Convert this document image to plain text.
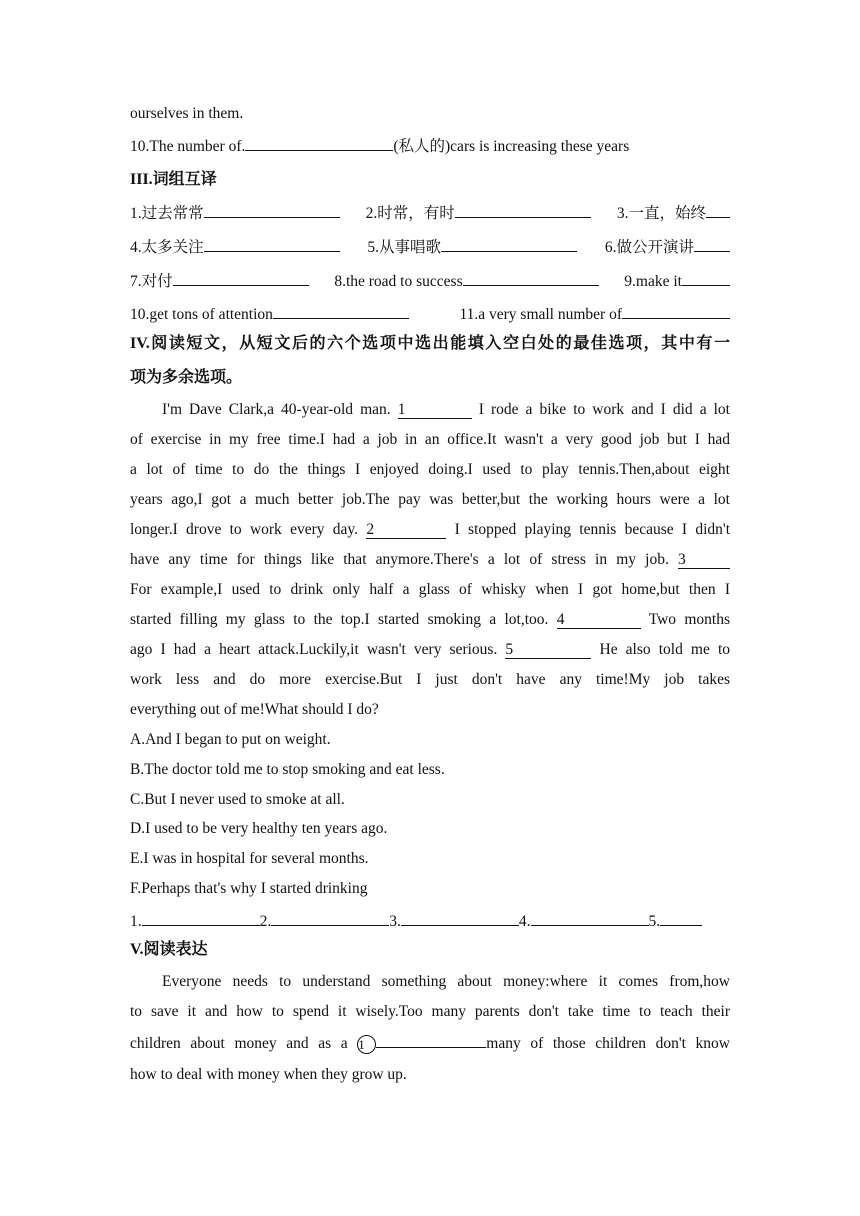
ourselves in them.
10.The number of.	(私人的)cars is increasing these years
III.词组互译
1.过去常常	2.时常，有时	3.一直，始终
4.太多关注	5.从事唱歌	6.做公开演讲
7.对付	8.the road to success	9.make it
10.get tons of attention	11.a very small number of
IV.阅读短文，从短文后的六个选项中选出能填入空白处的最佳选项，其中有一
项为多余选项。
I'm Dave Clark,a 40-year-old man. 1	I rode a bike to work and I did a lot
of exercise in my free time.I had a job in an office.It wasn't a very good job but I had
a lot of time to do the things I enjoyed doing.I used to play tennis.Then,about eight
years ago,I got a much better job.The pay was better,but the working hours were a lot
longer.I drove to work every day. 2	I stopped playing tennis because I didn't
have any time for things like that anymore.There's a lot of stress in my job. 3
For example,I used to drink only half a glass of whisky when I got home,but then I
started filling my glass to the top.I started smoking a lot,too. 4	Two months
ago I had a heart attack.Luckily,it wasn't very serious. 5	He also told me to
work less and do more exercise.But I just don't have any time!My job takes
everything out of me!What should I do?
A.And I began to put on weight.
B.The doctor told me to stop smoking and eat less.
C.But I never used to smoke at all.
D.I used to be very healthy ten years ago.
E.I was in hospital for several months.
F.Perhaps that's why I started drinking
1.	2.	3.	4.	5.
V.阅读表达
Everyone needs to understand something about money:where it comes from,how
to save it and how to spend it wisely.Too many parents don't take time to teach their
children about money and as a 1	many of those children don't know
how to deal with money when they grow up.
